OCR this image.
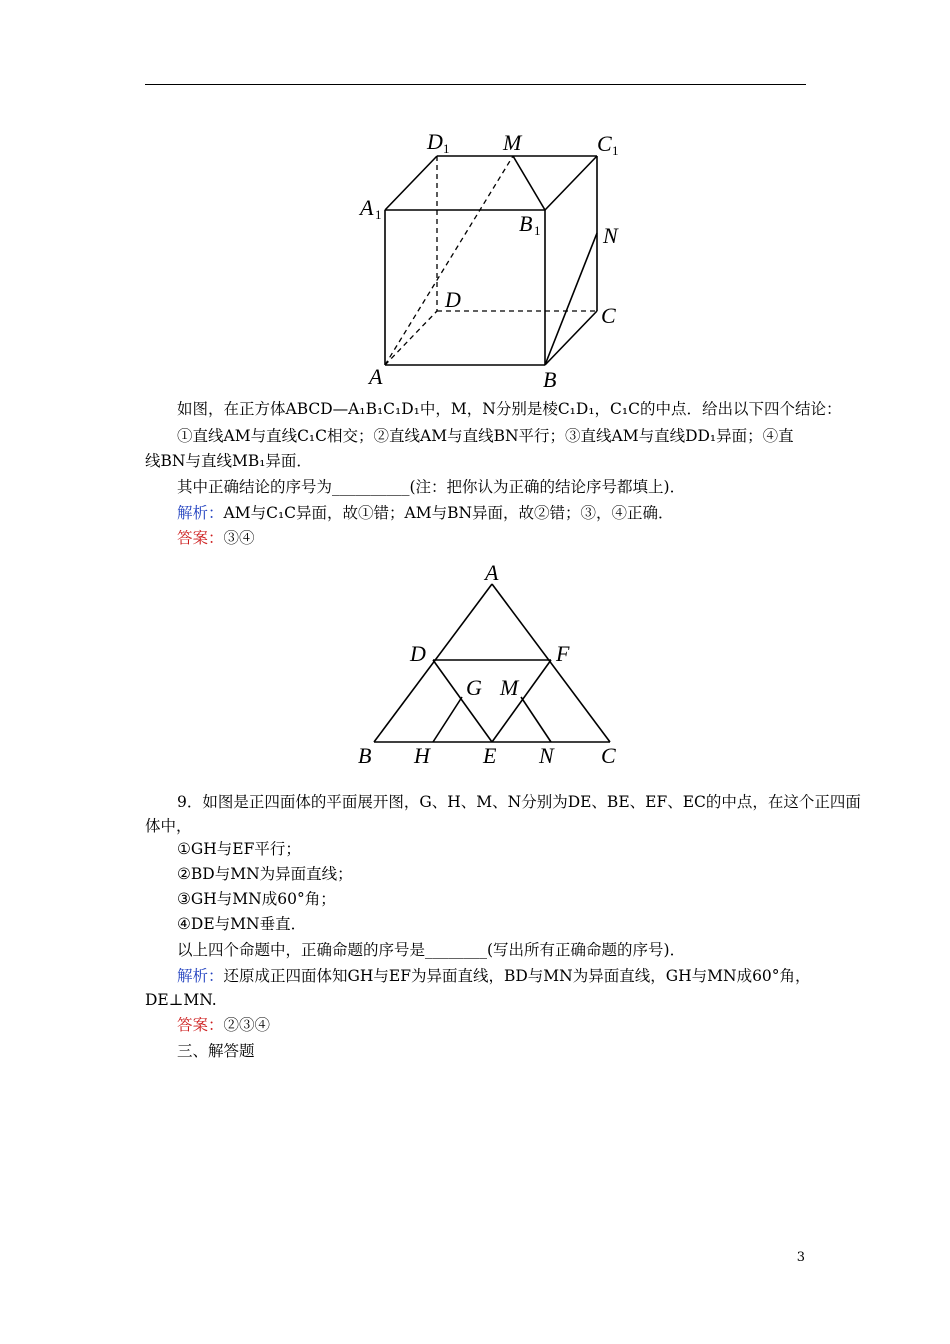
D 1 M	C 1
A 1	B 1	N
D
C
A	B
如图，在正方体ABCD—A₁B₁C₁D₁中，M，N分别是棱C₁D₁，C₁C的中点．给出以下四个结论：
①直线AM与直线C₁C相交；②直线AM与直线BN平行；③直线AM与直线DD₁异面；④直
线BN与直线MB₁异面．
其中正确结论的序号为__________(注：把你认为正确的结论序号都填上)．
解析：AM与C₁C异面，故①错；AM与BN异面，故②错；③，④正确．
答案：③④
A
D	F
G M
B H E N C
9．如图是正四面体的平面展开图，G、H、M、N分别为DE、BE、EF、EC的中点，在这个正四面
体中，
①GH与EF平行；
②BD与MN为异面直线；
③GH与MN成60°角；
④DE与MN垂直．
以上四个命题中，正确命题的序号是________(写出所有正确命题的序号)．
解析：还原成正四面体知GH与EF为异面直线，BD与MN为异面直线，GH与MN成60°角，
DE⊥MN.
答案：②③④
三、解答题
3
